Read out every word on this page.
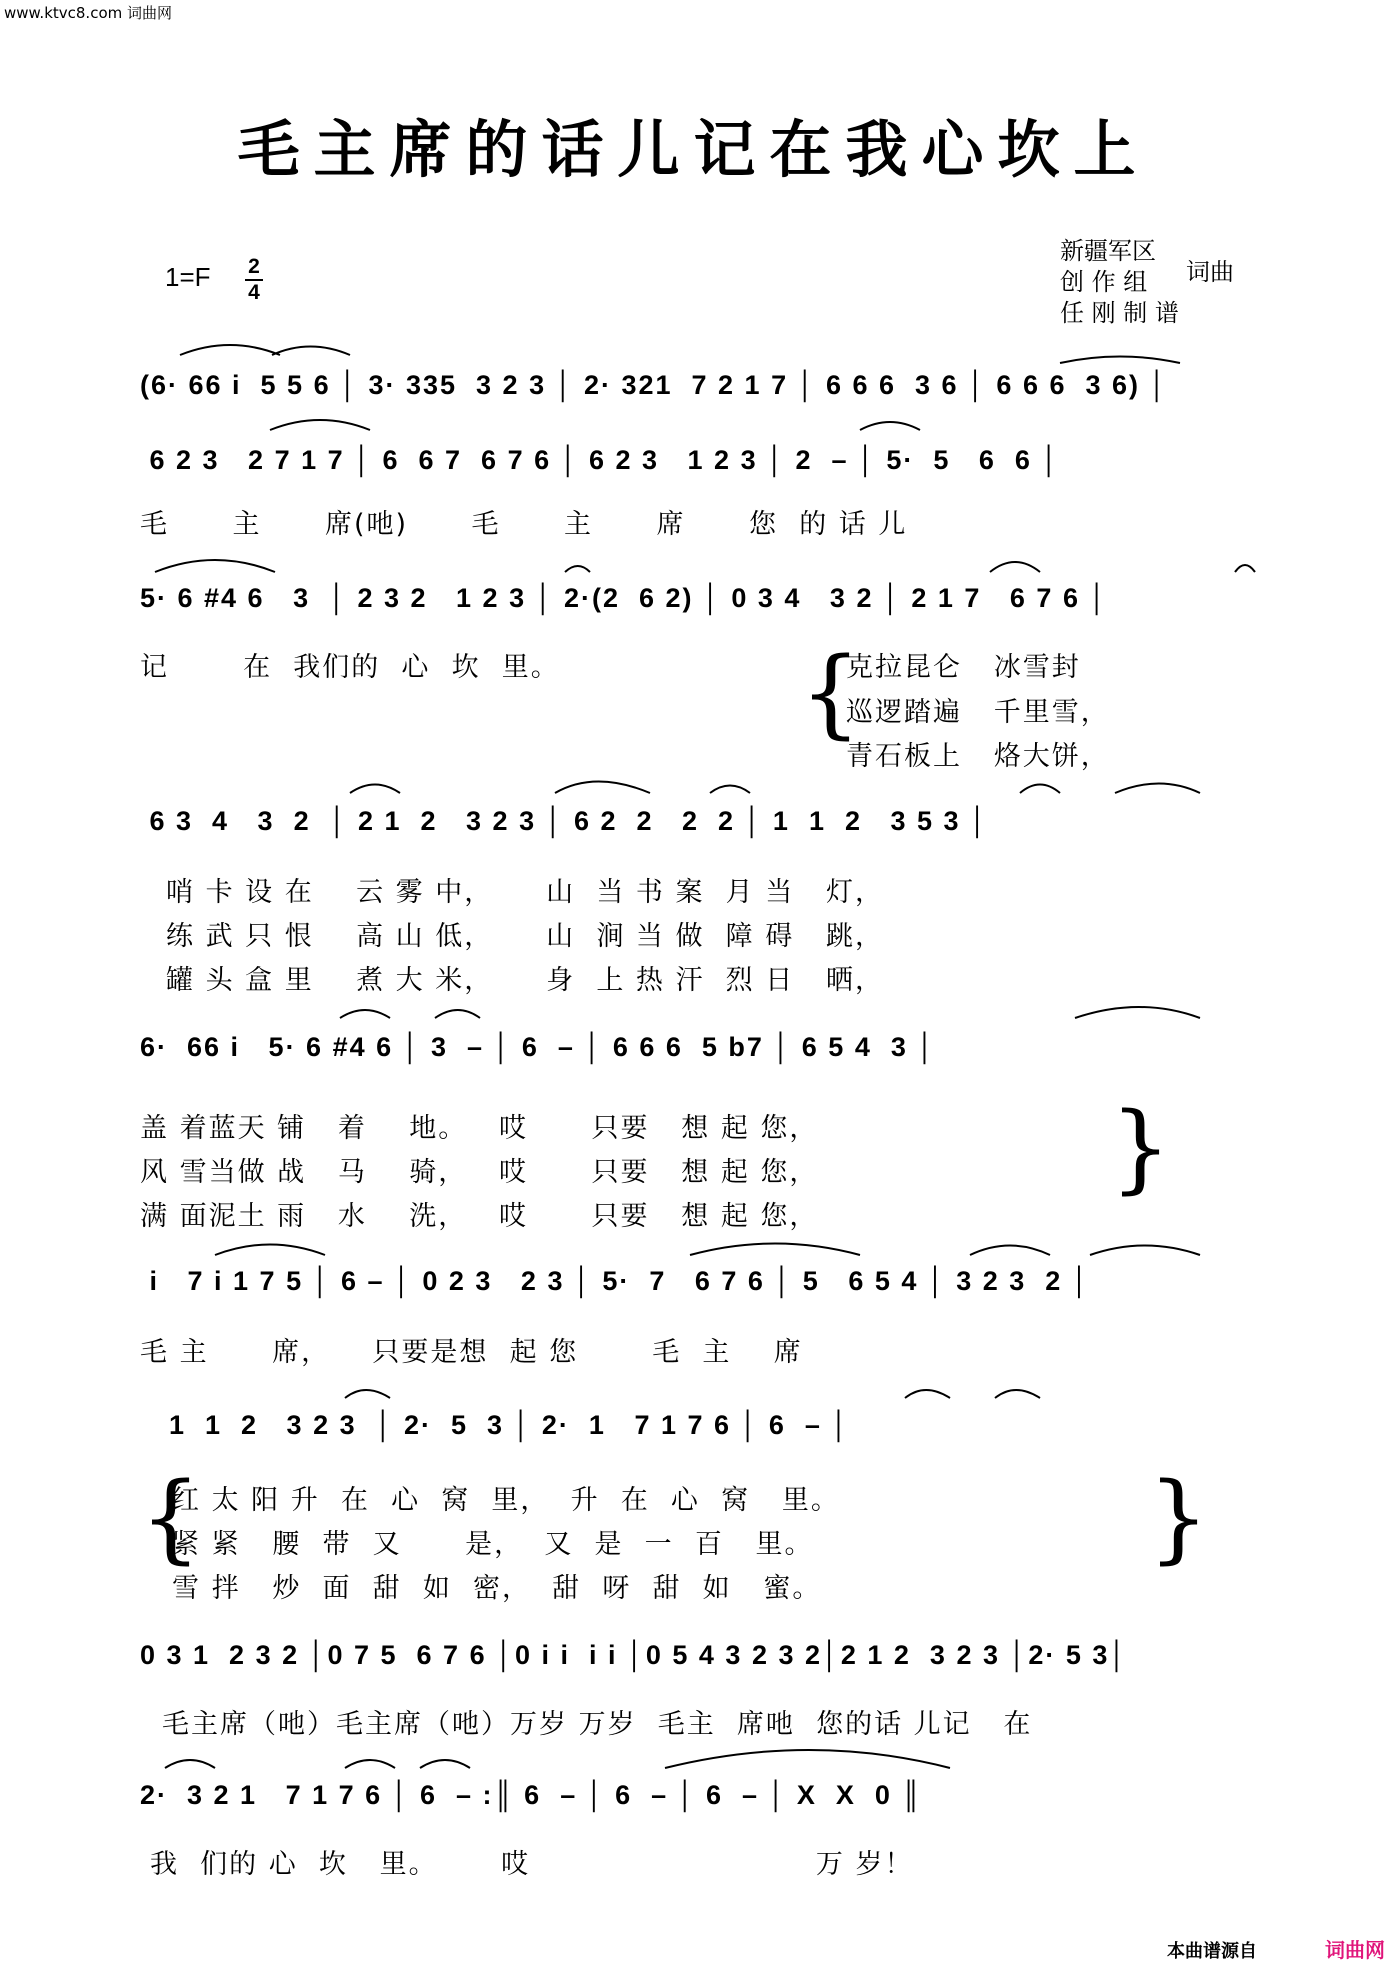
www.ktvc8.com 词曲网
毛主席的话儿记在我心坎上
1=F 2
4
新疆军区
创 作 组
任 刚 制 谱
词曲
(6· 66 i  5 5 6 │ 3· 335  3 2 3 │ 2· 321  7 2 1 7 │ 6 6 6  3 6 │ 6 6 6  3 6) │
6 2 3   2 7 1 7 │ 6  6 7  6 7 6 │ 6 2 3   1 2 3 │ 2  – │ 5·  5   6  6 │
毛      主      席(吔)      毛      主      席      您  的 话 儿
5· 6 #4 6   3  │ 2 3 2   1 2 3 │ 2·(2  6 2) │ 0 3 4   3 2 │ 2 1 7   6 7 6 │
记       在  我们的  心  坎  里。	{
克拉昆仑   冰雪封
巡逻踏遍   千里雪，
青石板上   烙大饼，
6 3  4   3  2  │ 2 1  2   3 2 3 │ 6 2  2   2  2 │ 1  1  2   3 5 3 │
哨 卡 设 在    云 雾 中，     山  当 书 案  月 当   灯，
练 武 只 恨    高 山 低，     山  涧 当 做  障 碍   跳，
罐 头 盒 里    煮 大 米，     身  上 热 汗  烈 日   晒，
6·  66 i   5· 6 #4 6 │ 3  – │ 6  – │ 6 6 6  5 b7 │ 6 5 4  3 │
盖 着蓝天 铺   着    地。   哎      只要   想 起 您，
风 雪当做 战   马    骑，   哎      只要   想 起 您，
满 面泥土 雨   水    洗，   哎      只要   想 起 您，
}
i   7 i 1 7 5 │ 6 – │ 0 2 3   2 3 │ 5·  7   6 7 6 │ 5   6 5 4 │ 3 2 3  2 │
毛 主      席，    只要是想  起 您       毛  主    席
1  1  2   3 2 3  │ 2·  5  3 │ 2·  1   7 1 7 6 │ 6  – │
{
红 太 阳 升  在  心  窝  里，  升  在  心  窝   里。
紧 紧   腰  带  又      是，  又  是  一  百   里。
雪 拌   炒  面  甜  如  密，  甜  呀  甜  如   蜜。
}
0 3 1  2 3 2 │0 7 5  6 7 6 │0 i i  i i │0 5 4 3 2 3 2│2 1 2  3 2 3 │2· 5 3│
毛主席（吔）毛主席（吔）万岁 万岁  毛主  席吔  您的话 儿记   在
2·  3 2 1   7 1 7 6 │ 6  – :║ 6  – │ 6  – │ 6  – │ X  X  0 ║
我  们的 心  坎   里。      哎                           万 岁！
本曲谱源自	词曲网
